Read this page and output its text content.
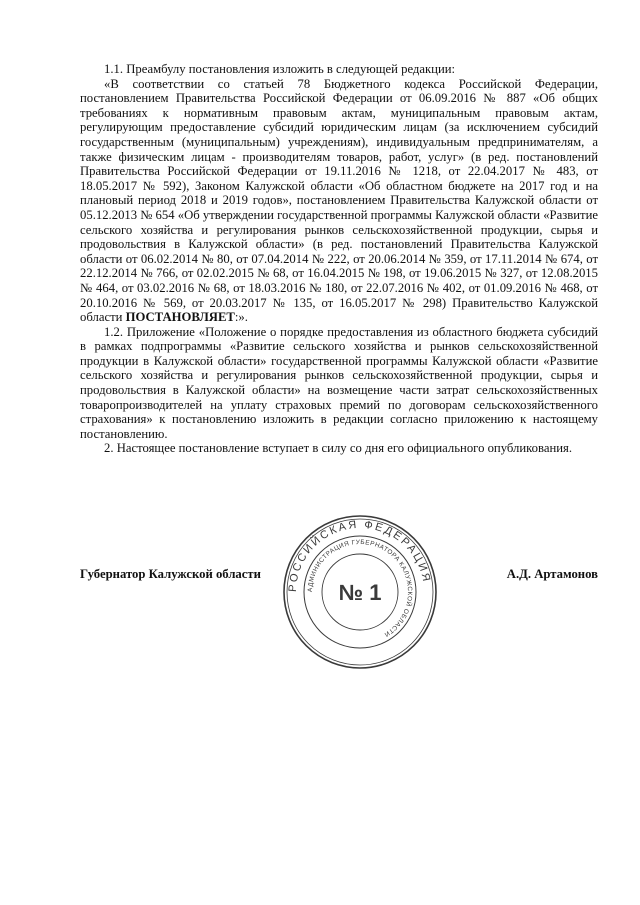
1.1. Преамбулу постановления изложить в следующей редакции:

«В соответствии со статьей 78 Бюджетного кодекса Российской Федерации, постановлением Правительства Российской Федерации от 06.09.2016 № 887 «Об общих требованиях к нормативным правовым актам, муниципальным правовым актам, регулирующим предоставление субсидий юридическим лицам (за исключением субсидий государственным (муниципальным) учреждениям), индивидуальным предпринимателям, а также физическим лицам - производителям товаров, работ, услуг» (в ред. постановлений Правительства Российской Федерации от 19.11.2016 № 1218, от 22.04.2017 № 483, от 18.05.2017 № 592), Законом Калужской области «Об областном бюджете на 2017 год и на плановый период 2018 и 2019 годов», постановлением Правительства Калужской области от 05.12.2013 № 654 «Об утверждении государственной программы Калужской области «Развитие сельского хозяйства и регулирования рынков сельскохозяйственной продукции, сырья и продовольствия в Калужской области» (в ред. постановлений Правительства Калужской области от 06.02.2014 № 80, от 07.04.2014 № 222, от 20.06.2014 № 359, от 17.11.2014 № 674, от 22.12.2014 № 766, от 02.02.2015 № 68, от 16.04.2015 № 198, от 19.06.2015 № 327, от 12.08.2015 № 464, от 03.02.2016 № 68, от 18.03.2016 № 180, от 22.07.2016 № 402, от 01.09.2016 № 468, от 20.10.2016 № 569, от 20.03.2017 № 135, от 16.05.2017 № 298) Правительство Калужской области ПОСТАНОВЛЯЕТ:».

1.2. Приложение «Положение о порядке предоставления из областного бюджета субсидий в рамках подпрограммы «Развитие сельского хозяйства и рынков сельскохозяйственной продукции в Калужской области» государственной программы Калужской области «Развитие сельского хозяйства и регулирования рынков сельскохозяйственной продукции, сырья и продовольствия в Калужской области» на возмещение части затрат сельскохозяйственных товаропроизводителей на уплату страховых премий по договорам сельскохозяйственного страхования» к постановлению изложить в редакции согласно приложению к настоящему постановлению.

2. Настоящее постановление вступает в силу со дня его официального опубликования.

Губернатор Калужской области	А.Д. Артамонов
РОССИЙСКАЯ ФЕДЕРАЦИЯ
АДМИНИСТРАЦИЯ ГУБЕРНАТОРА КАЛУЖСКОЙ ОБЛАСТИ
№ 1
